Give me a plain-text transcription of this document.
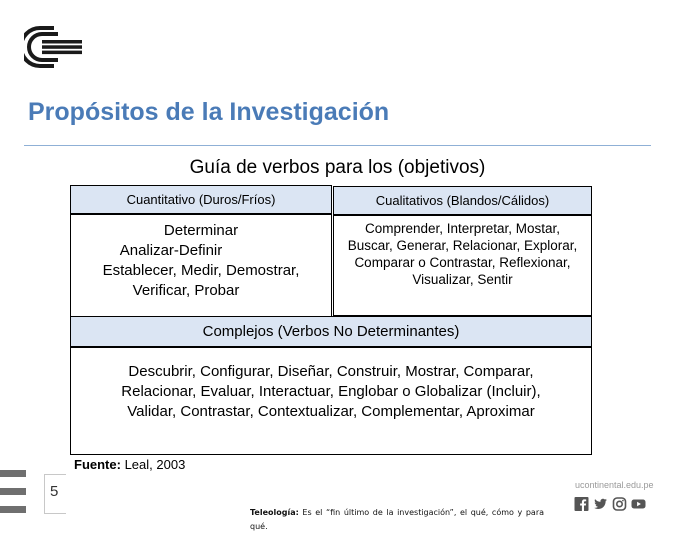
Propósitos de la Investigación
Guía de verbos para los (objetivos)
Cuantitativo (Duros/Fríos)	Cualitativos (Blandos/Cálidos)
Determinar
Analizar-Definir
Establecer, Medir, Demostrar,
Verificar, Probar
Comprender, Interpretar, Mostar,
Buscar, Generar, Relacionar, Explorar,
Comparar o Contrastar, Reflexionar,
Visualizar, Sentir
Complejos (Verbos No Determinantes)
Descubrir, Configurar, Diseñar, Construir, Mostrar, Comparar,
Relacionar, Evaluar, Interactuar, Englobar o Globalizar (Incluir),
Validar, Contrastar, Contextualizar, Complementar, Aproximar
Fuente: Leal, 2003
5	ucontinental.edu.pe
Teleología: Es el “fin último de la investigación”, el qué, cómo y para qué.
